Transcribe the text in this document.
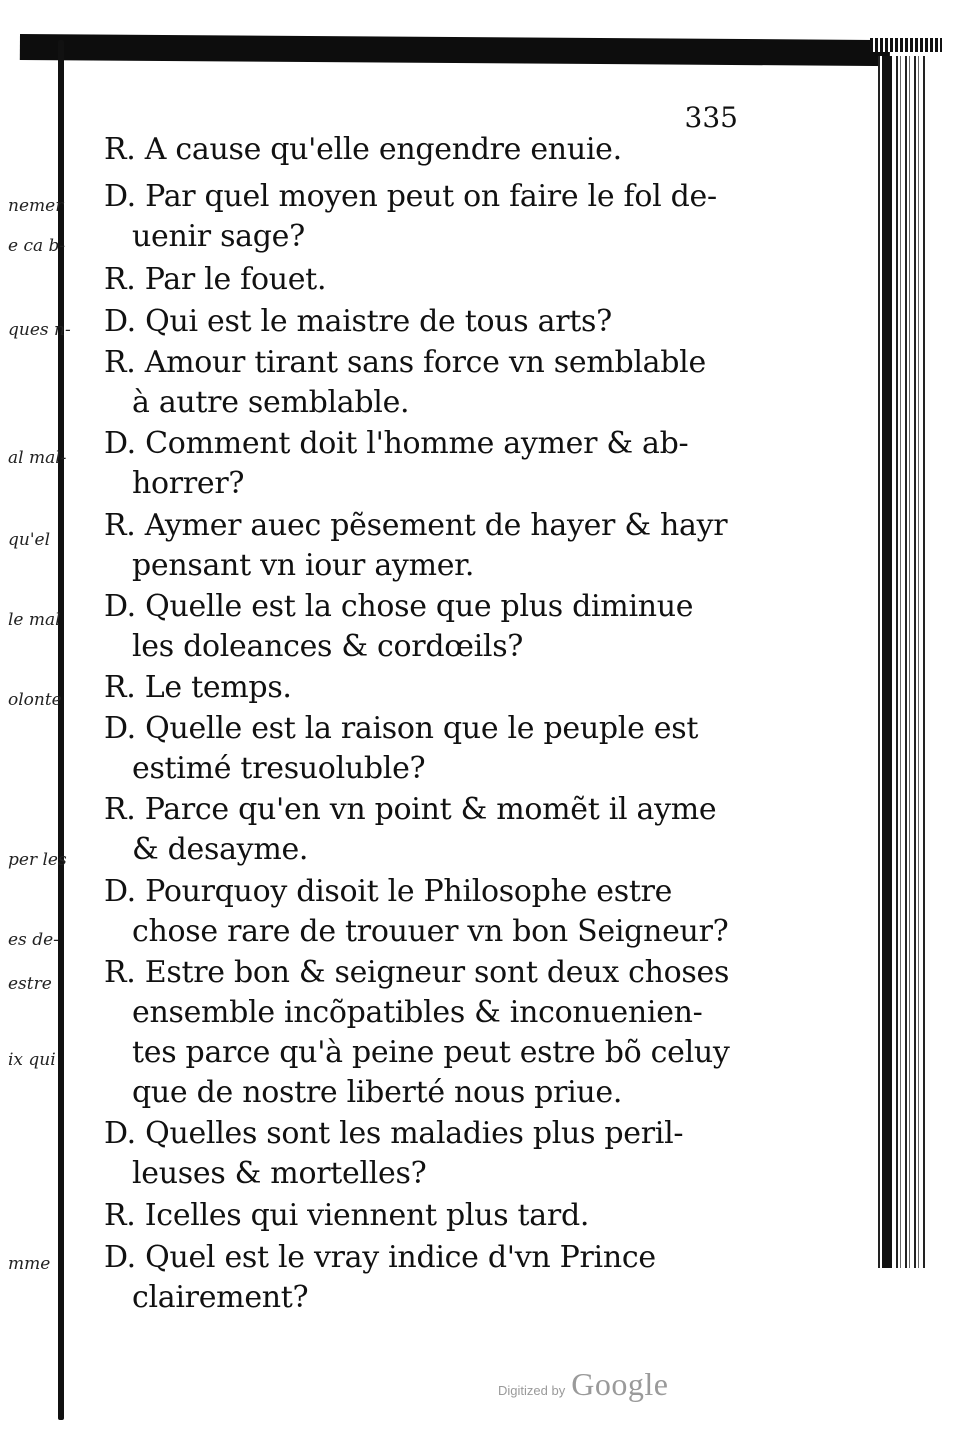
nemer
e ca b-
ques n-
al mal-
qu'el
le mal
olonte
per les
es de-
estre
ix qui
mme
335
R. A cause qu'elle engendre enuie.
D. Par quel moyen peut on faire le fol de-
uenir sage?
R. Par le fouet.
D. Qui est le maistre de tous arts?
R. Amour tirant sans force vn semblable
à autre semblable.
D. Comment doit l'homme aymer & ab-
horrer?
R. Aymer auec pẽsement de hayer & hayr
pensant vn iour aymer.
D. Quelle est la chose que plus diminue
les doleances & cordœils?
R. Le temps.
D. Quelle est la raison que le peuple est
estimé tresuoluble?
R. Parce qu'en vn point & momẽt il ayme
& desayme.
D. Pourquoy disoit le Philosophe estre
chose rare de trouuer vn bon Seigneur?
R. Estre bon & seigneur sont deux choses
ensemble incõpatibles & inconuenien-
tes parce qu'à peine peut estre bõ celuy
que de nostre liberté nous priue.
D. Quelles sont les maladies plus peril-
leuses & mortelles?
R. Icelles qui viennent plus tard.
D. Quel est le vray indice d'vn Prince
clairement?
Digitized by Google
